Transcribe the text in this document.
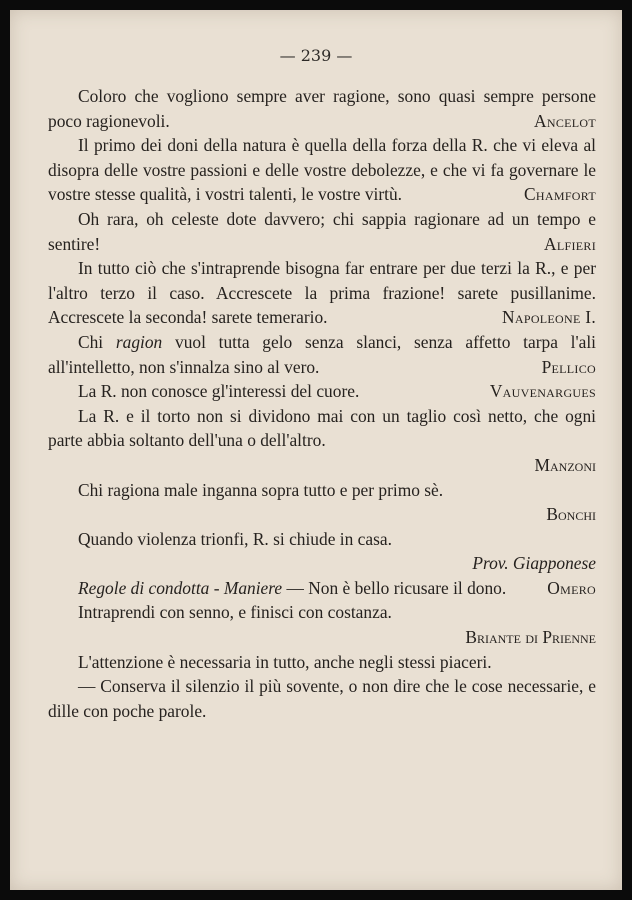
— 239 —

Coloro che vogliono sempre aver ragione, sono quasi sempre persone poco ragionevoli.	Ancelot

Il primo dei doni della natura è quella della forza della R. che vi eleva al disopra delle vostre passioni e delle vostre debolezze, e che vi fa governare le vostre stesse qualità, i vostri talenti, le vostre virtù.	Chamfort

Oh rara, oh celeste dote davvero; chi sappia ragionare ad un tempo e sentire!	Alfieri

In tutto ciò che s'intraprende bisogna far entrare per due terzi la R., e per l'altro terzo il caso. Accrescete la prima frazione! sarete pusillanime. Accrescete la seconda! sarete temerario.	Napoleone I.

Chi ragion vuol tutta gelo senza slanci, senza affetto tarpa l'ali all'intelletto, non s'innalza sino al vero.	Pellico

La R. non conosce gl'interessi del cuore.	Vauvenargues

La R. e il torto non si dividono mai con un taglio così netto, che ogni parte abbia soltanto dell'una o dell'altro.

Manzoni

Chi ragiona male inganna sopra tutto e per primo sè.

Bonchi

Quando violenza trionfi, R. si chiude in casa.

Prov. Giapponese

Regole di condotta - Maniere — Non è bello ricusare il dono.	Omero

Intraprendi con senno, e finisci con costanza.

Briante di Prienne

L'attenzione è necessaria in tutto, anche negli stessi piaceri.

— Conserva il silenzio il più sovente, o non dire che le cose necessarie, e dille con poche parole.
